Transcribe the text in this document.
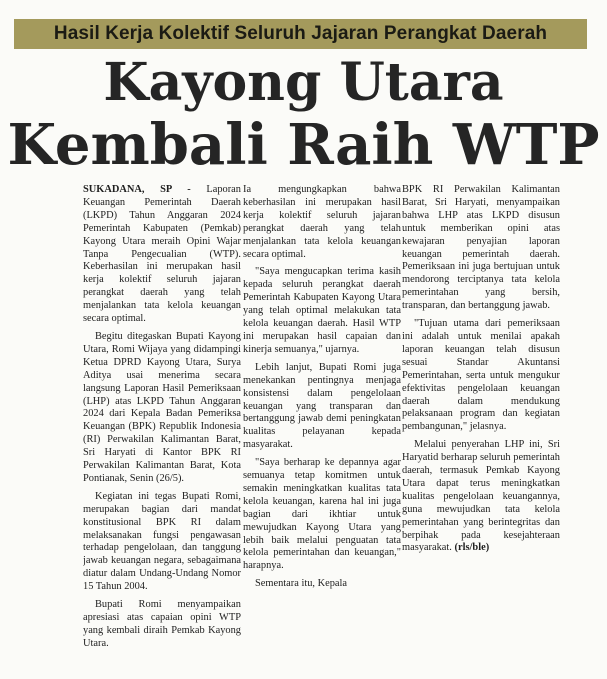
Hasil Kerja Kolektif Seluruh Jajaran Perangkat Daerah
Kayong Utara
Kembali Raih WTP

SUKADANA, SP - Laporan Keuangan Pemerintah Daerah (LKPD) Tahun Anggaran 2024 Pemerintah Kabupaten (Pemkab) Kayong Utara meraih Opini Wajar Tanpa Pengecualian (WTP). Keberhasilan ini merupakan hasil kerja kolektif seluruh jajaran perangkat daerah yang telah menjalankan tata kelola keuangan secara optimal.

Begitu ditegaskan Bupati Kayong Utara, Romi Wijaya yang didampingi Ketua DPRD Kayong Utara, Surya Aditya usai menerima secara langsung Laporan Hasil Pemeriksaan (LHP) atas LKPD Tahun Anggaran 2024 dari Kepala Badan Pemeriksa Keuangan (BPK) Republik Indonesia (RI) Perwakilan Kalimantan Barat, Sri Haryati di Kantor BPK RI Perwakilan Kalimantan Barat, Kota Pontianak, Senin (26/5).

Kegiatan ini tegas Bupati Romi, merupakan bagian dari mandat konstitusional BPK RI dalam melaksanakan fungsi pengawasan terhadap pengelolaan, dan tanggung jawab keuangan negara, sebagaimana diatur dalam Undang-Undang Nomor 15 Tahun 2004.

Bupati Romi menyampaikan apresiasi atas capaian opini WTP yang kembali diraih Pemkab Kayong Utara.

Ia mengungkapkan bahwa keberhasilan ini merupakan hasil kerja kolektif seluruh jajaran perangkat daerah yang telah menjalankan tata kelola keuangan secara optimal.

"Saya mengucapkan terima kasih kepada seluruh perangkat daerah Pemerintah Kabupaten Kayong Utara yang telah optimal melakukan tata kelola keuangan daerah. Hasil WTP ini merupakan hasil capaian dan kinerja semuanya," ujarnya.

Lebih lanjut, Bupati Romi juga menekankan pentingnya menjaga konsistensi dalam pengelolaan keuangan yang transparan dan bertanggung jawab demi peningkatan kualitas pelayanan kepada masyarakat.

"Saya berharap ke depannya agar semuanya tetap komitmen untuk semakin meningkatkan kualitas tata kelola keuangan, karena hal ini juga bagian dari ikhtiar untuk mewujudkan Kayong Utara yang lebih baik melalui penguatan tata kelola pemerintahan dan keuangan," harapnya.

Sementara itu, Kepala

BPK RI Perwakilan Kalimantan Barat, Sri Haryati, menyampaikan bahwa LHP atas LKPD disusun untuk memberikan opini atas kewajaran penyajian laporan keuangan pemerintah daerah. Pemeriksaan ini juga bertujuan untuk mendorong terciptanya tata kelola pemerintahan yang bersih, transparan, dan bertanggung jawab.

"Tujuan utama dari pemeriksaan ini adalah untuk menilai apakah laporan keuangan telah disusun sesuai Standar Akuntansi Pemerintahan, serta untuk mengukur efektivitas pengelolaan keuangan daerah dalam mendukung pelaksanaan program dan kegiatan pembangunan," jelasnya.

Melalui penyerahan LHP ini, Sri Haryatid berharap seluruh pemerintah daerah, termasuk Pemkab Kayong Utara dapat terus meningkatkan kualitas pengelolaan keuangannya, guna mewujudkan tata kelola pemerintahan yang berintegritas dan berpihak pada kesejahteraan masyarakat. (rls/ble)
